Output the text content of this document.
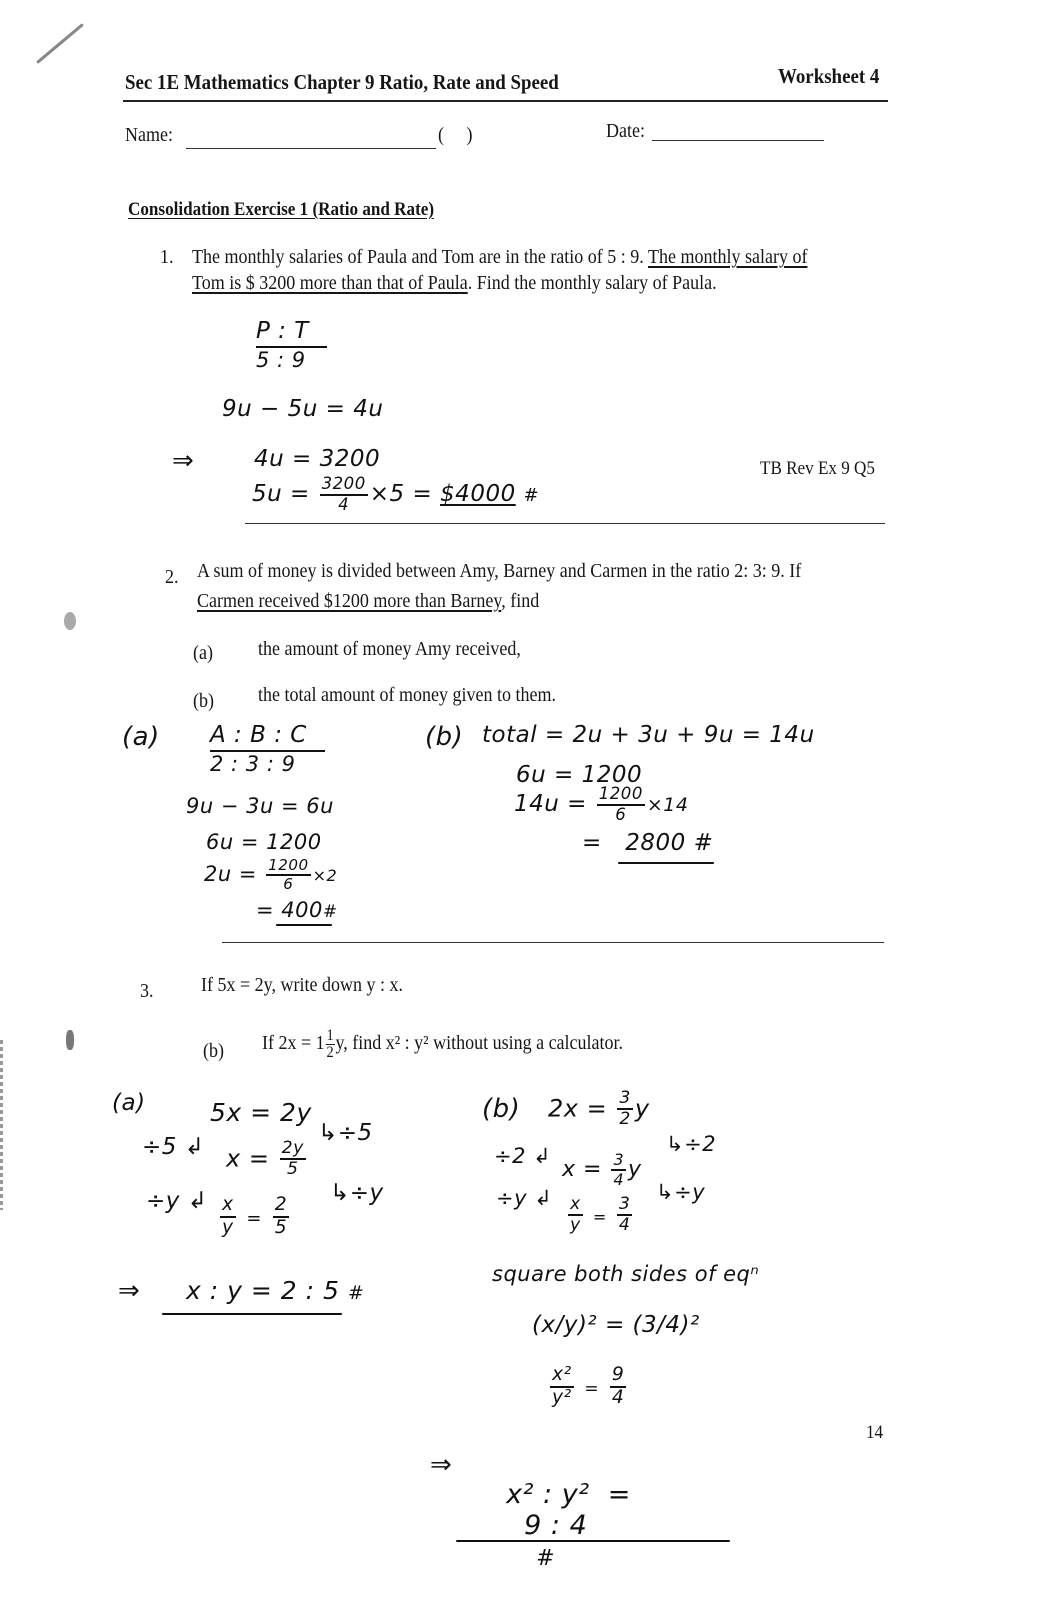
Sec 1E Mathematics Chapter 9 Ratio, Rate and Speed	Worksheet 4
Name:	(     )	Date:
Consolidation Exercise 1 (Ratio and Rate)
1. The monthly salaries of Paula and Tom are in the ratio of 5 : 9. The monthly salary of
Tom is $ 3200 more than that of Paula. Find the monthly salary of Paula.
P : T
5 : 9
9u − 5u = 4u
⇒	4u = 3200
$5u = \frac{3200}{4} \times 5$ = $4000 #
TB Rev Ex 9 Q5
2. A sum of money is divided between Amy, Barney and Carmen in the ratio 2: 3: 9. If
Carmen received $1200 more than Barney, find
(a) the amount of money Amy received,
(b) the total amount of money given to them.
(a) A : B : C
2 : 3 : 9
9u − 3u = 6u
6u = 1200
$2u = \frac{1200}{6} \times 2$
= 400#
(b) total = 2u + 3u + 9u = 14u
6u = 1200
$14u = \frac{1200}{6} \times 14$
= 2800 #
3. If 5x = 2y, write down y : x.
(b) If $2x = 1 \frac{1}{2} y$, find x² : y² without using a calculator.
(a)	5x = 2y
÷5 ↲
↳÷5
$x = \frac{2y}{5}$
÷y ↲	↳÷y
$\frac{x}{y} = \frac{2}{5}$
⇒ x : y = 2 : 5 #
(b) $2x = \frac{3}{2}$ y
÷2 ↲	↳÷2
$x = \frac{3}{4}$ y
÷y ↲	↳÷y
$\frac{x}{y} = \frac{3}{4}$
square both sides of eqⁿ
(x/y)² = (3/4)²
$\frac{\text{x²}}{\text{y²}} = \frac{9}{4}$
⇒

x² : y²  =
9 : 4
#

14
